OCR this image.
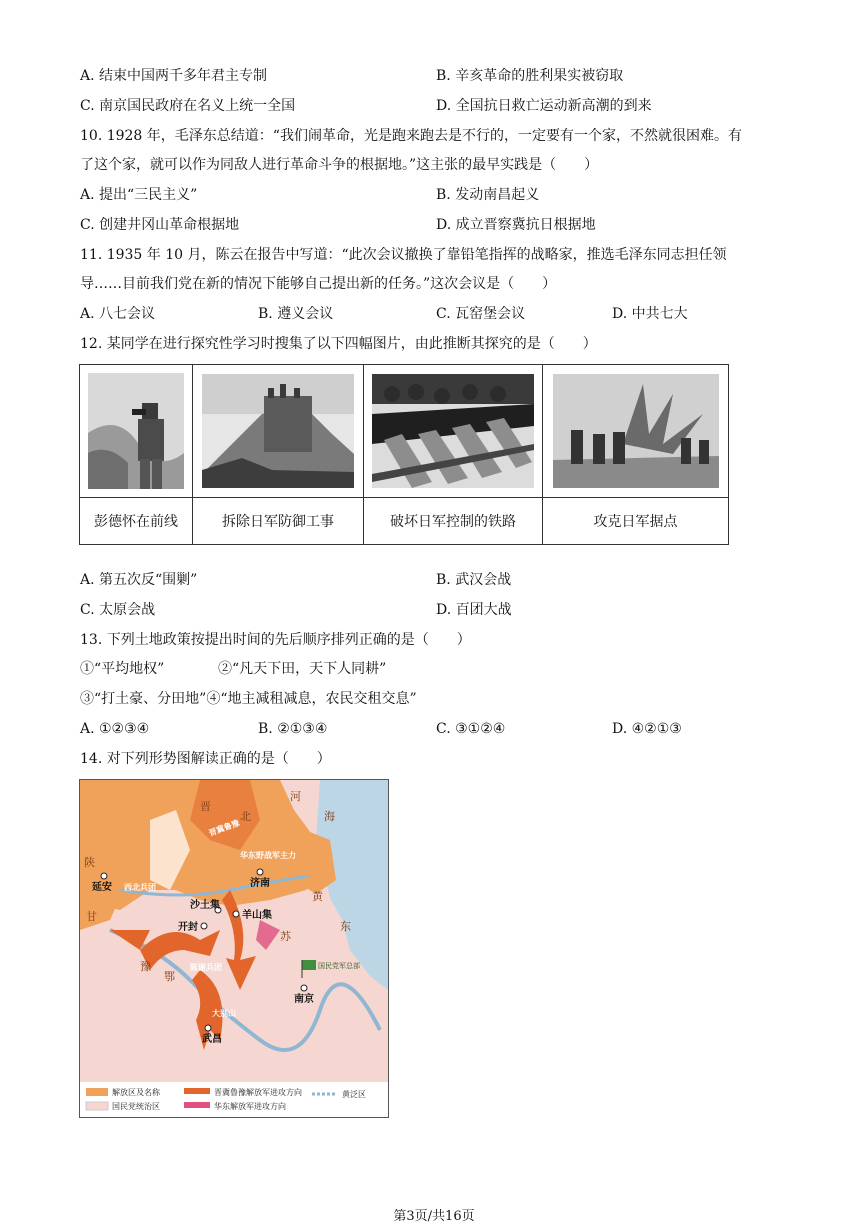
A. 结束中国两千多年君主专制	B. 辛亥革命的胜利果实被窃取
C. 南京国民政府在名义上统一全国	D. 全国抗日救亡运动新高潮的到来
10. 1928 年，毛泽东总结道：“我们闹革命，光是跑来跑去是不行的，一定要有一个家，不然就很困难。有
了这个家，就可以作为同敌人进行革命斗争的根据地。”这主张的最早实践是（　　）
A. 提出“三民主义”	B. 发动南昌起义
C. 创建井冈山革命根据地	D. 成立晋察冀抗日根据地
11. 1935 年 10 月，陈云在报告中写道：“此次会议撤换了靠铅笔指挥的战略家，推选毛泽东同志担任领
导……目前我们党在新的情况下能够自己提出新的任务。”这次会议是（　　）
A. 八七会议	B. 遵义会议	C. 瓦窑堡会议	D. 中共七大
12. 某同学在进行探究性学习时搜集了以下四幅图片，由此推断其探究的是（　　）

彭德怀在前线	拆除日军防御工事	破坏日军控制的铁路	攻克日军据点
A. 第五次反“围剿”	B. 武汉会战
C. 太原会战	D. 百团大战
13. 下列土地政策按提出时间的先后顺序排列正确的是（　　）
①“平均地权”	②“凡天下田，天下人同耕”
③“打土豪、分田地”④“地主减租减息，农民交租交息”
A. ①②③④	B. ②①③④	C. ③①②④	D. ④②①③
14. 对下列形势图解读正确的是（　　）
解放区及名称
国民党统治区
晋冀鲁豫解放军进攻方向
华东解放军进攻方向
黄泛区
延安	济南
沙土集
羊山集
开封
南京
武昌
陕
甘
晋
北
河
海
黄
东
苏
豫
鄂
晋冀鲁豫
华东野战军主力
西北兵团
陈谢兵团
大别山
国民党军总部
第3页/共16页
